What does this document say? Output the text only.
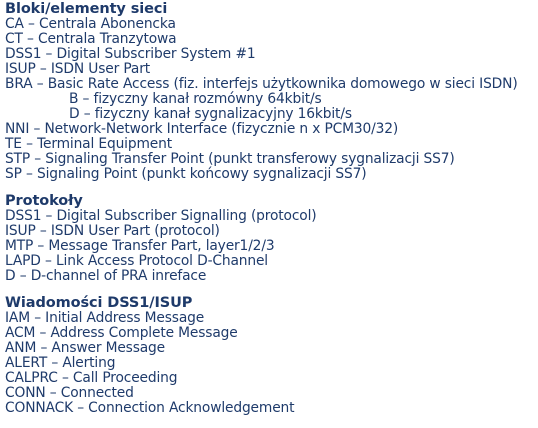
Bloki/elementy sieci
CA – Centrala Abonencka
CT – Centrala Tranzytowa
DSS1 – Digital Subscriber System #1
ISUP – ISDN User Part
BRA – Basic Rate Access (fiz. interfejs użytkownika domowego w sieci ISDN)
B – fizyczny kanał rozmówny 64kbit/s
D – fizyczny kanał sygnalizacyjny 16kbit/s
NNI – Network-Network Interface (fizycznie n x PCM30/32)
TE – Terminal Equipment
STP – Signaling Transfer Point (punkt transferowy sygnalizacji SS7)
SP – Signaling Point (punkt końcowy sygnalizacji SS7)
Protokoły
DSS1 – Digital Subscriber Signalling (protocol)
ISUP – ISDN User Part (protocol)
MTP – Message Transfer Part, layer1/2/3
LAPD – Link Access Protocol D-Channel
D – D-channel of PRA inreface
Wiadomości DSS1/ISUP
IAM – Initial Address Message
ACM – Address Complete Message
ANM – Answer Message
ALERT – Alerting
CALPRC – Call Proceeding
CONN – Connected
CONNACK – Connection Acknowledgement
